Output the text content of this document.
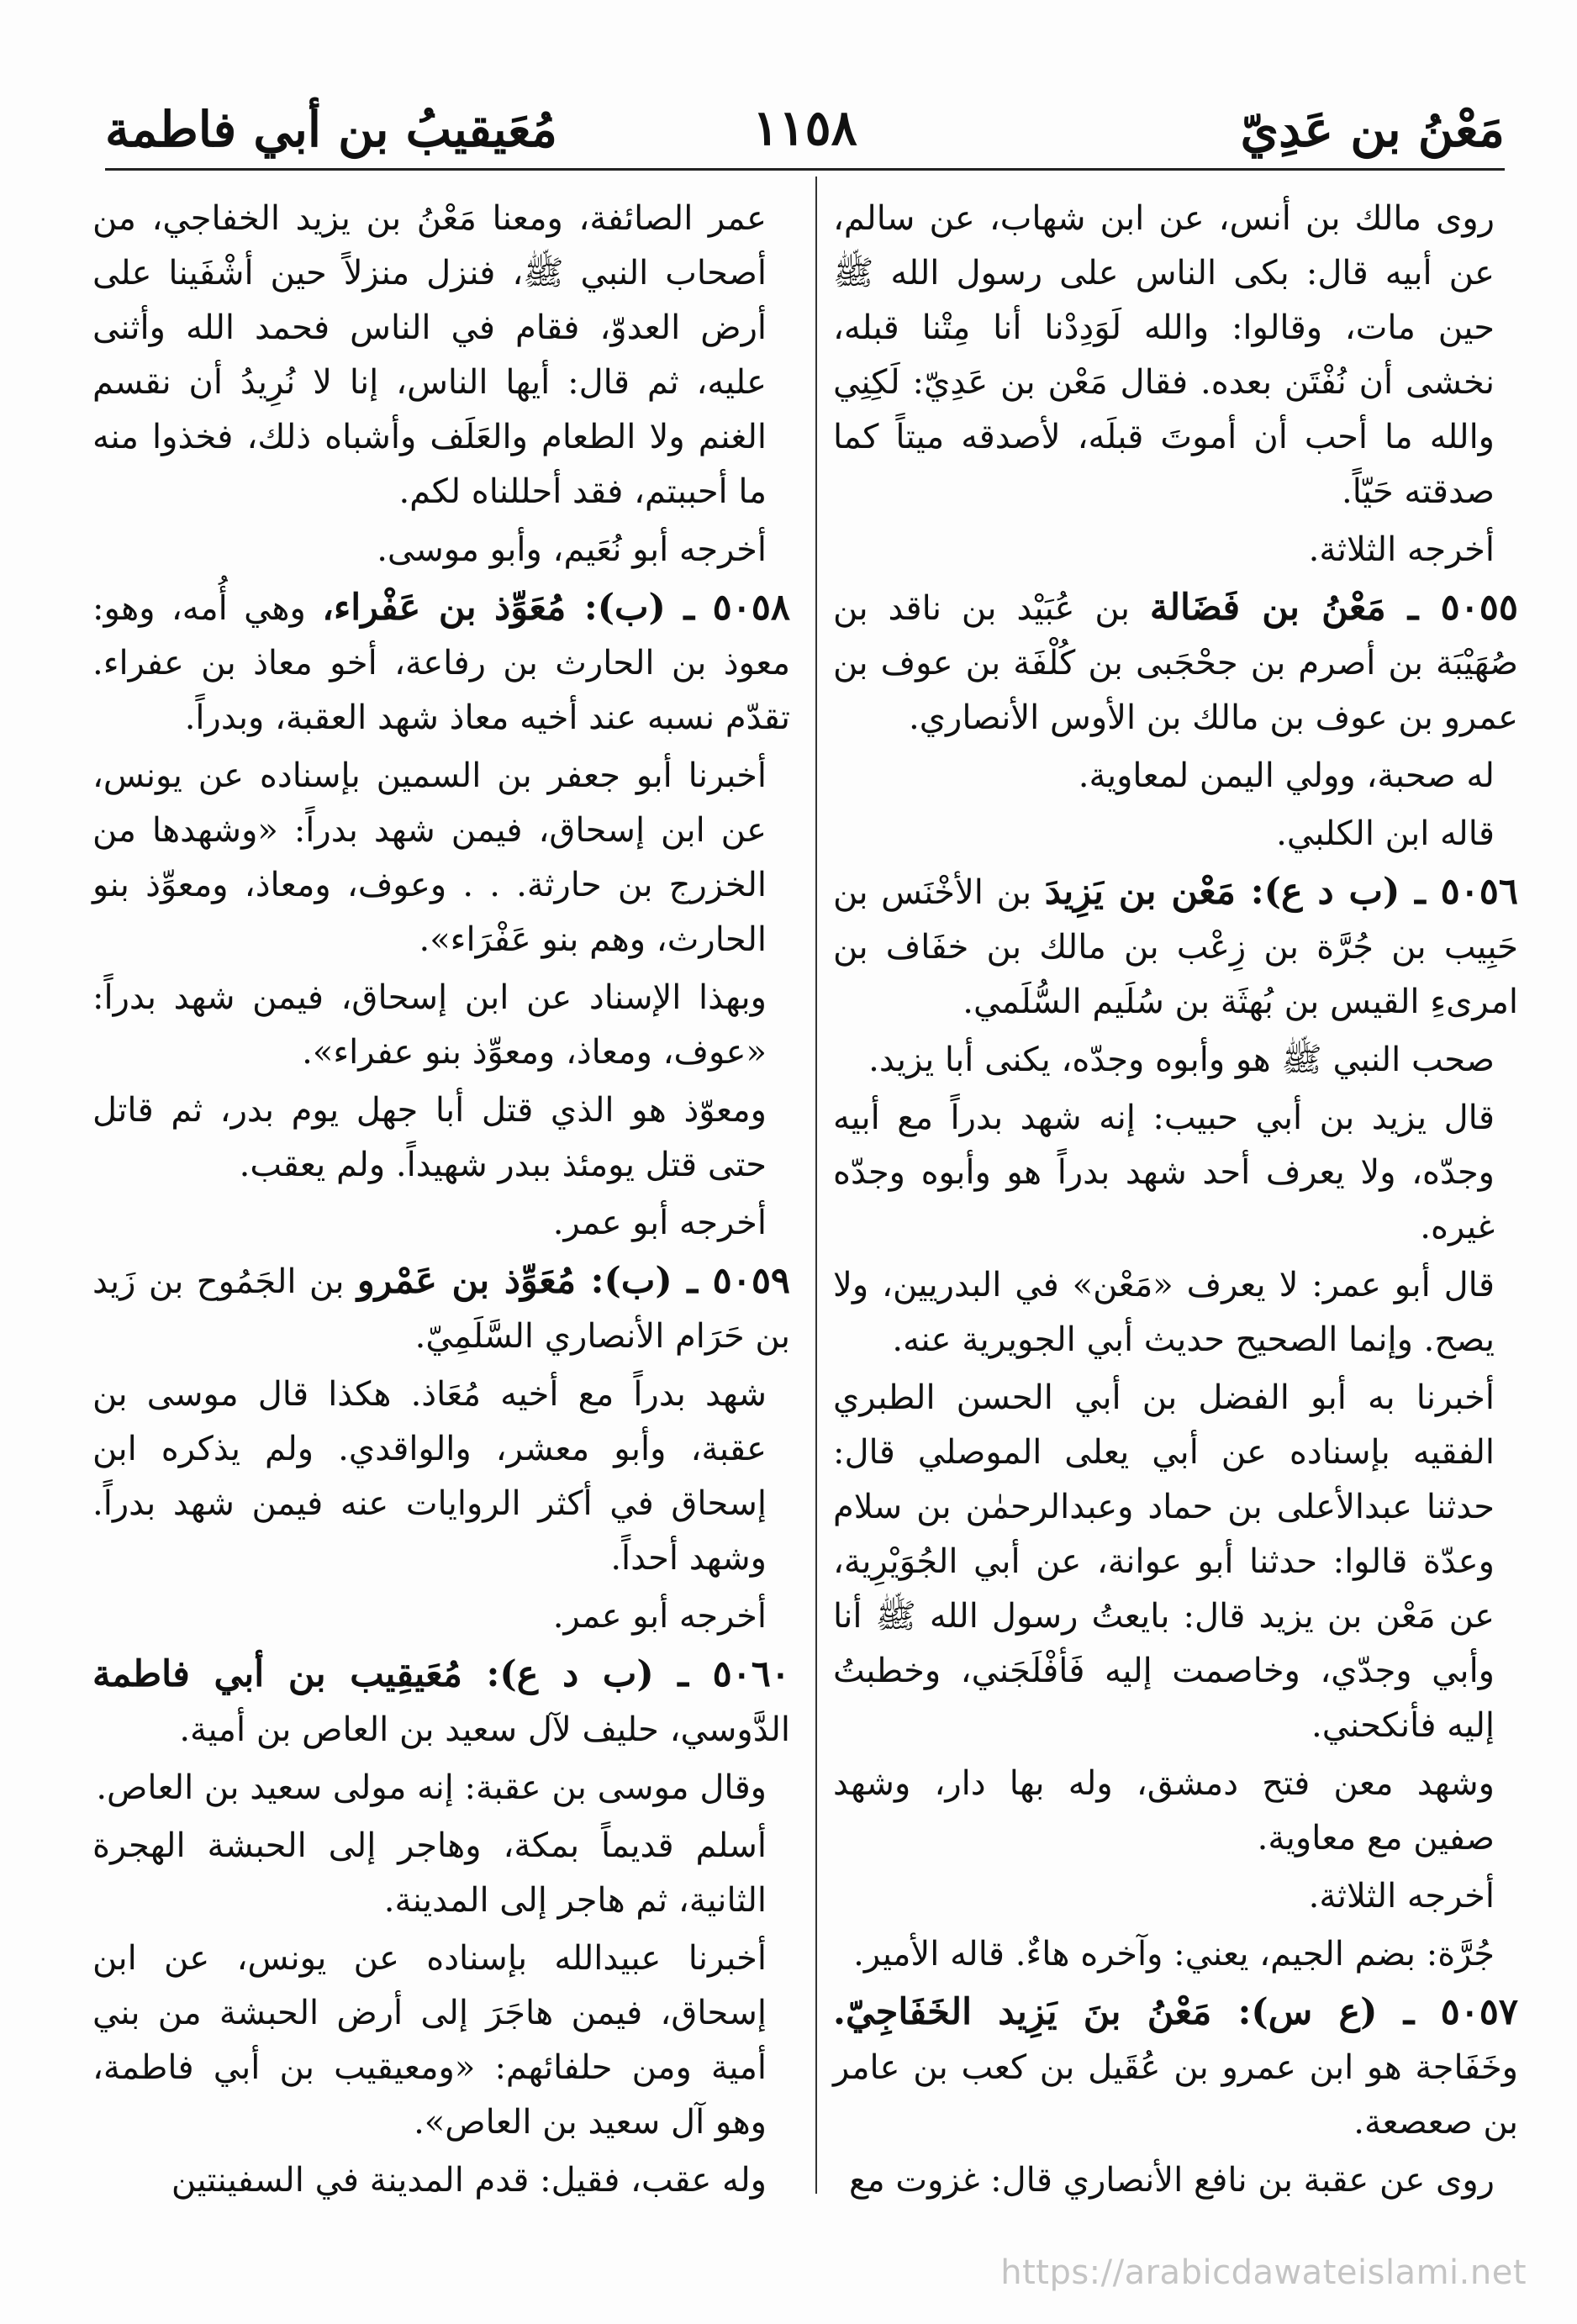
مَعْنُ بن عَدِيّ
١١٥٨
مُعَيقيبُ بن أبي فاطمة

روى مالك بن أنس، عن ابن شهاب، عن سالم، عن أبيه قال: بكى الناس على رسول الله ﷺ حين مات، وقالوا: والله لَوَدِدْنا أنا مِتْنا قبله، نخشى أن نُفْتَن بعده. فقال مَعْن بن عَدِيّ: لَكِنِي والله ما أحب أن أموتَ قبلَه، لأصدقه ميتاً كما صدقته حَيّاً.

أخرجه الثلاثة.

٥٠٥٥ ـ مَعْنُ بن فَضَالة بن عُبَيْد بن ناقد بن صُهَيْبَة بن أصرم بن جحْجَبى بن كُلْفَة بن عوف بن عمرو بن عوف بن مالك بن الأوس الأنصاري.

له صحبة، وولي اليمن لمعاوية.

قاله ابن الكلبي.

٥٠٥٦ ـ (ب د ع): مَعْن بن يَزِيدَ بن الأخْنَس بن حَبِيب بن جُرَّة بن زِعْب بن مالك بن خفَاف بن امرىءِ القيس بن بُهثَة بن سُلَيم السُّلَمي.

صحب النبي ﷺ هو وأبوه وجدّه، يكنى أبا يزيد.

قال يزيد بن أبي حبيب: إنه شهد بدراً مع أبيه وجدّه، ولا يعرف أحد شهد بدراً هو وأبوه وجدّه غيره.

قال أبو عمر: لا يعرف «مَعْن» في البدريين، ولا يصح. وإنما الصحيح حديث أبي الجويرية عنه.

أخبرنا به أبو الفضل بن أبي الحسن الطبري الفقيه بإسناده عن أبي يعلى الموصلي قال: حدثنا عبدالأعلى بن حماد وعبدالرحمٰن بن سلام وعدّة قالوا: حدثنا أبو عوانة، عن أبي الجُوَيْرِية، عن مَعْن بن يزيد قال: بايعتُ رسول الله ﷺ أنا وأبي وجدّي، وخاصمت إليه فَأفْلَجَني، وخطبتُ إليه فأنكحني.

وشهد معن فتح دمشق، وله بها دار، وشهد صفين مع معاوية.

أخرجه الثلاثة.

جُرَّة: بضم الجيم، يعني: وآخره هاءٌ. قاله الأمير.

٥٠٥٧ ـ (ع س): مَعْنُ بنَ يَزِيد الخَفَاجِيّ. وخَفَاجة هو ابن عمرو بن عُقَيل بن كعب بن عامر بن صعصعة.

روى عن عقبة بن نافع الأنصاري قال: غزوت مع

عمر الصائفة، ومعنا مَعْنُ بن يزيد الخفاجي، من أصحاب النبي ﷺ، فنزل منزلاً حين أشْفَينا على أرض العدوّ، فقام في الناس فحمد الله وأثنى عليه، ثم قال: أيها الناس، إنا لا نُرِيدُ أن نقسم الغنم ولا الطعام والعَلَف وأشباه ذلك، فخذوا منه ما أحببتم، فقد أحللناه لكم.

أخرجه أبو نُعَيم، وأبو موسى.

٥٠٥٨ ـ (ب): مُعَوِّذ بن عَفْراء، وهي أُمه، وهو: معوذ بن الحارث بن رفاعة، أخو معاذ بن عفراء. تقدّم نسبه عند أخيه معاذ شهد العقبة، وبدراً.

أخبرنا أبو جعفر بن السمين بإسناده عن يونس، عن ابن إسحاق، فيمن شهد بدراً: «وشهدها من الخزرج بن حارثة. . . وعوف، ومعاذ، ومعوِّذ بنو الحارث، وهم بنو عَفْرَاء».

وبهذا الإسناد عن ابن إسحاق، فيمن شهد بدراً: «عوف، ومعاذ، ومعوِّذ بنو عفراء».

ومعوّذ هو الذي قتل أبا جهل يوم بدر، ثم قاتل حتى قتل يومئذ ببدر شهيداً. ولم يعقب.

أخرجه أبو عمر.

٥٠٥٩ ـ (ب): مُعَوِّذ بن عَمْرو بن الجَمُوح بن زَيد بن حَرَام الأنصاري السَّلَمِيّ.

شهد بدراً مع أخيه مُعَاذ. هكذا قال موسى بن عقبة، وأبو معشر، والواقدي. ولم يذكره ابن إسحاق في أكثر الروايات عنه فيمن شهد بدراً. وشهد أحداً.

أخرجه أبو عمر.

٥٠٦٠ ـ (ب د ع): مُعَيقِيب بن أبي فاطمة الدَّوسي، حليف لآل سعيد بن العاص بن أمية.

وقال موسى بن عقبة: إنه مولى سعيد بن العاص.

أسلم قديماً بمكة، وهاجر إلى الحبشة الهجرة الثانية، ثم هاجر إلى المدينة.

أخبرنا عبيدالله بإسناده عن يونس، عن ابن إسحاق، فيمن هاجَرَ إلى أرض الحبشة من بني أمية ومن حلفائهم: «ومعيقيب بن أبي فاطمة، وهو آل سعيد بن العاص».

وله عقب، فقيل: قدم المدينة في السفينتين

https://arabicdawateislami.net
